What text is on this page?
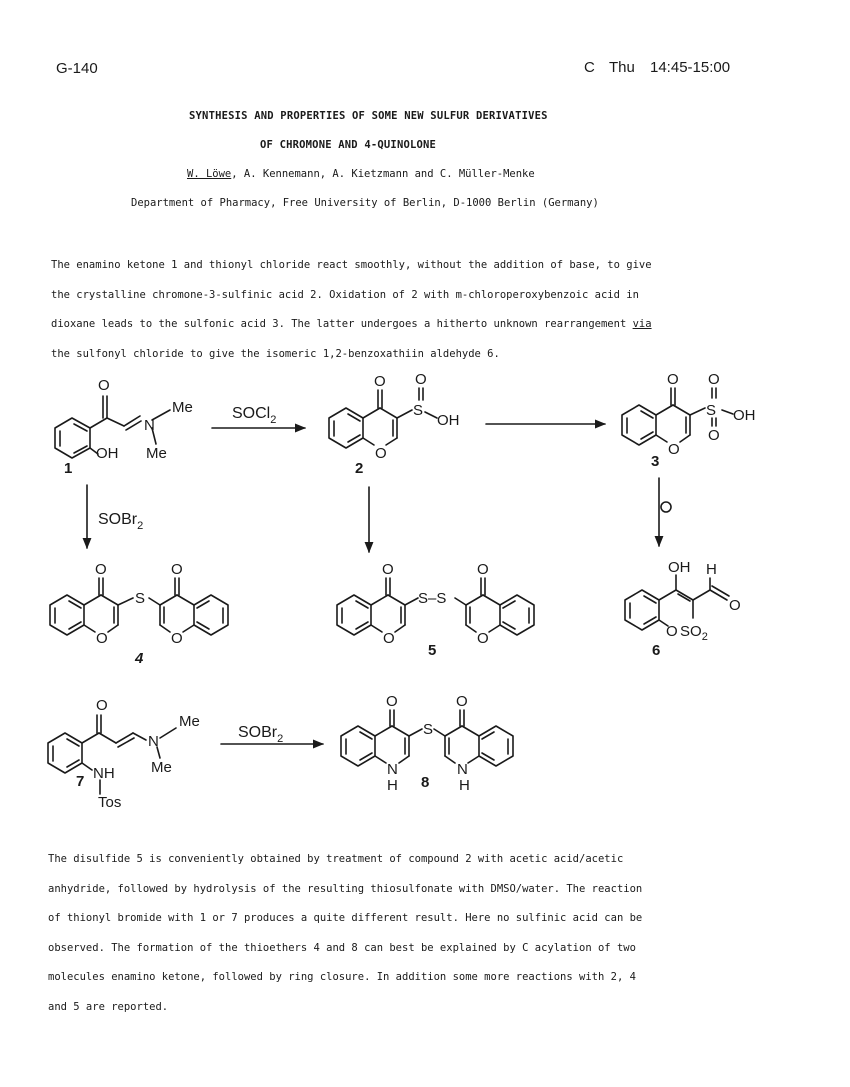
G-140	C Thu 14:45-15:00
SYNTHESIS AND PROPERTIES OF SOME NEW SULFUR DERIVATIVES
OF CHROMONE AND 4-QUINOLONE
W. Löwe, A. Kennemann, A. Kietzmann and C. Müller-Menke
Department of Pharmacy, Free University of Berlin, D-1000 Berlin (Germany)
The enamino ketone 1 and thionyl chloride react smoothly, without the addition of base, to give
the crystalline chromone-3-sulfinic acid 2. Oxidation of 2 with m-chloroperoxybenzoic acid in
dioxane leads to the sulfonic acid 3. The latter undergoes a hitherto unknown rearrangement via
the sulfonyl chloride to give the isomeric 1,2-benzoxathiin aldehyde 6.
O
N
Me
Me
OH
1
SOCl$_2$
O
O
S
O
OH
2
O
O
S
O
O
OH
3
SOBr$_2$
O
O
S
O
O
4
O
O
S–S
O
O
5
OH H
O
O $SO_2$
6
O
N
Me
Me
NH
Tos
7
SOBr$_2$
O
N
H
S
O
N
H
8
The disulfide 5 is conveniently obtained by treatment of compound 2 with acetic acid/acetic
anhydride, followed by hydrolysis of the resulting thiosulfonate with DMSO/water. The reaction
of thionyl bromide with 1 or 7 produces a quite different result. Here no sulfinic acid can be
observed. The formation of the thioethers 4 and 8 can best be explained by C acylation of two
molecules enamino ketone, followed by ring closure. In addition some more reactions with 2, 4
and 5 are reported.
